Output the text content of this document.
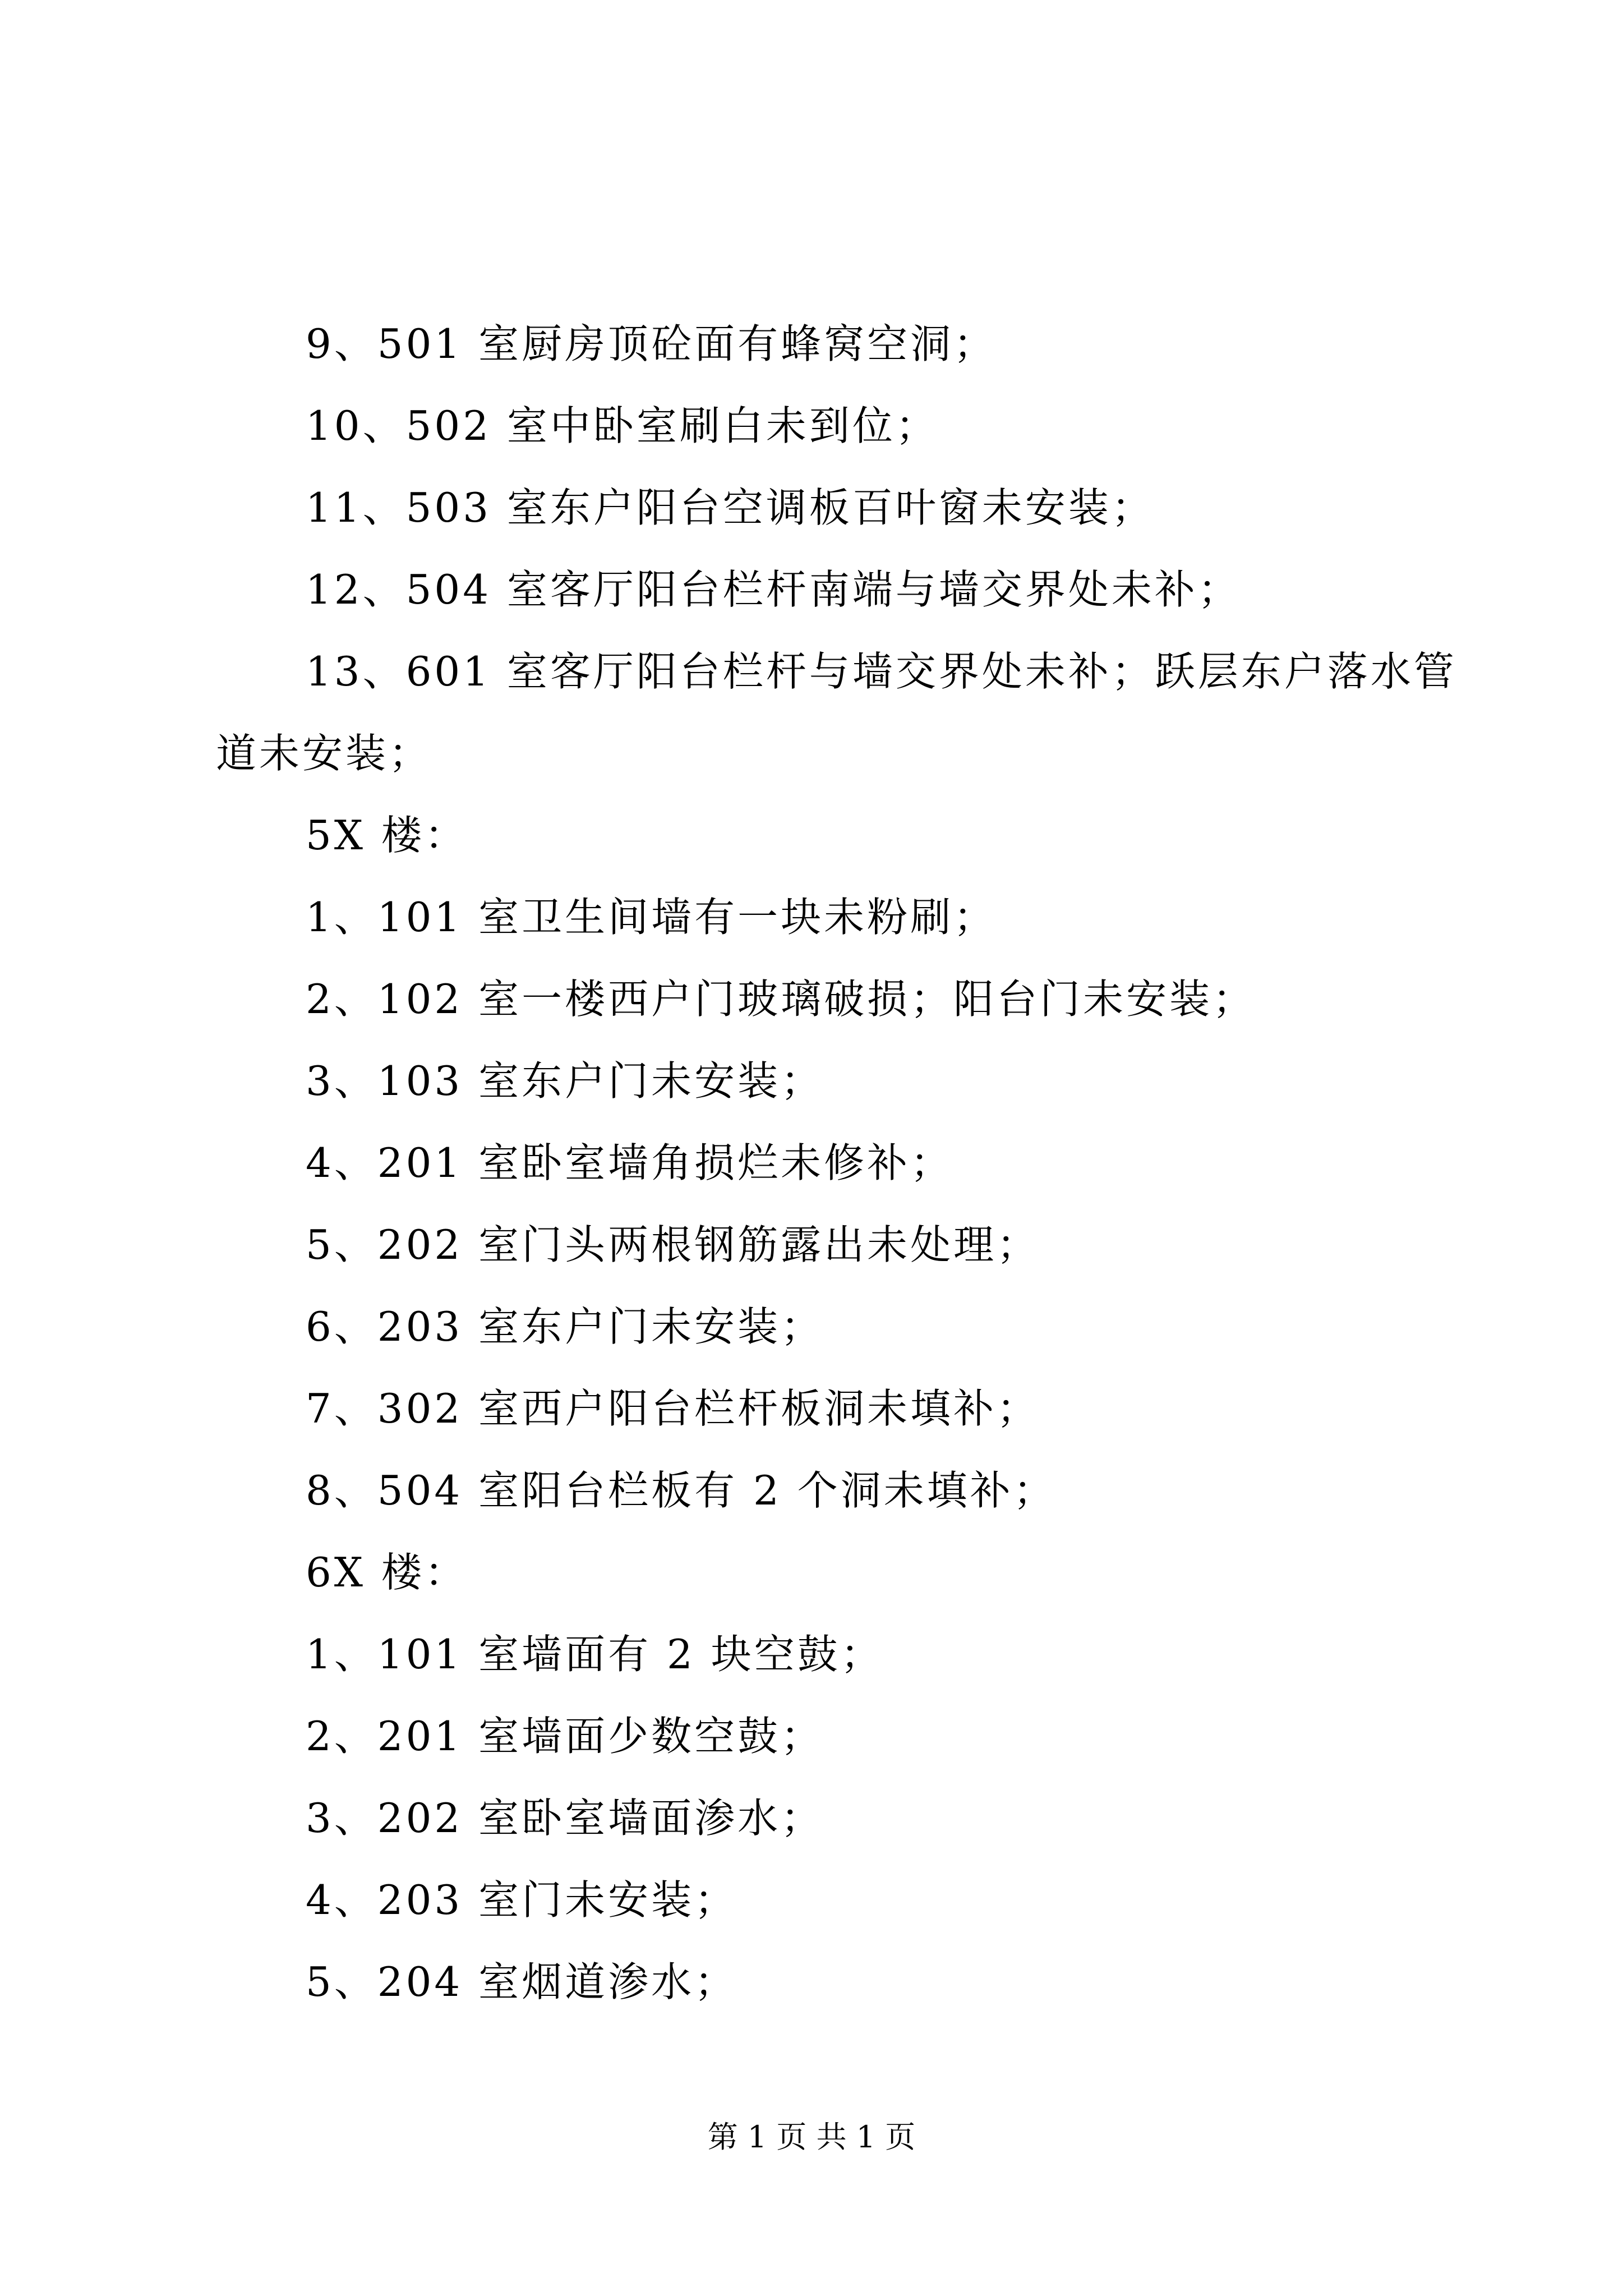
9、501 室厨房顶砼面有蜂窝空洞；
10、502 室中卧室刷白未到位；
11、503 室东户阳台空调板百叶窗未安装；
12、504 室客厅阳台栏杆南端与墙交界处未补；
13、601 室客厅阳台栏杆与墙交界处未补；跃层东户落水管
道未安装；
5X 楼：
1、101 室卫生间墙有一块未粉刷；
2、102 室一楼西户门玻璃破损；阳台门未安装；
3、103 室东户门未安装；
4、201 室卧室墙角损烂未修补；
5、202 室门头两根钢筋露出未处理；
6、203 室东户门未安装；
7、302 室西户阳台栏杆板洞未填补；
8、504 室阳台栏板有 2 个洞未填补；
6X 楼：
1、101 室墙面有 2 块空鼓；
2、201 室墙面少数空鼓；
3、202 室卧室墙面渗水；
4、203 室门未安装；
5、204 室烟道渗水；
第 1 页 共 1 页
